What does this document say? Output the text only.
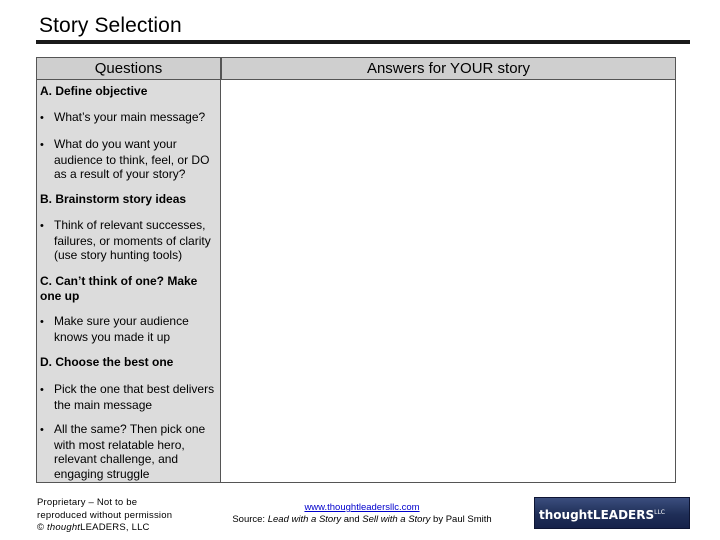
Story Selection
Questions	Answers for YOUR story
A. Define objective
• What’s your main message?
• What do you want your audience to think, feel, or DO as a result of your story?
B. Brainstorm story ideas
• Think of relevant successes, failures, or moments of clarity (use story hunting tools)
C. Can’t think of one? Make one up
• Make sure your audience knows you made it up
D. Choose the best one
• Pick the one that best delivers the main message
• All the same? Then pick one with most relatable hero, relevant challenge, and engaging struggle
Proprietary – Not to be
reproduced without permission
© thoughtLEADERS, LLC
www.thoughtleadersllc.com
Source: Lead with a Story and Sell with a Story by Paul Smith	thoughtLEADERS$^{LLC}$
